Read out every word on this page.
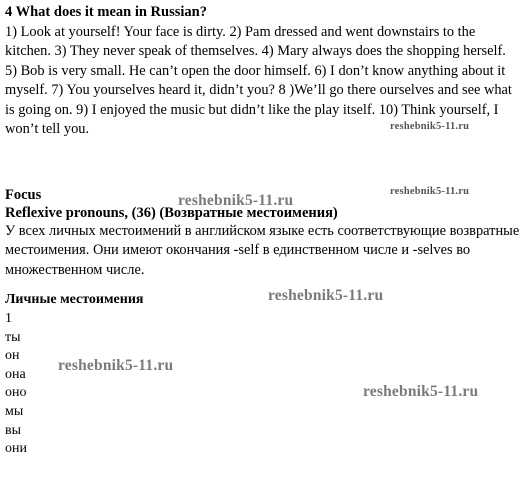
4 What does it mean in Russian?
1) Look at yourself! Your face is dirty. 2) Pam dressed and went downstairs to the kitchen. 3) They never speak of themselves. 4) Mary always does the shopping herself. 5) Bob is very small. He can’t open the door himself. 6) I don’t know anything about it myself. 7) You yourselves heard it, didn’t you? 8 )We’ll go there ourselves and see what is going on. 9) I enjoyed the music but didn’t like the play itself. 10) Think yourself, I won’t tell you.
Focus
Reflexive pronouns, (36) (Возвратные местоимения)
У всех личных местоимений в английском языке есть соответствующие возвратные местоимения. Они имеют окончания -self в единственном числе и -selves во множественном числе.
Личные местоимения
1
ты
он
она
оно
мы
вы
они
reshebnik5-11.ru
reshebnik5-11.ru
reshebnik5-11.ru
reshebnik5-11.ru
reshebnik5-11.ru
reshebnik5-11.ru
